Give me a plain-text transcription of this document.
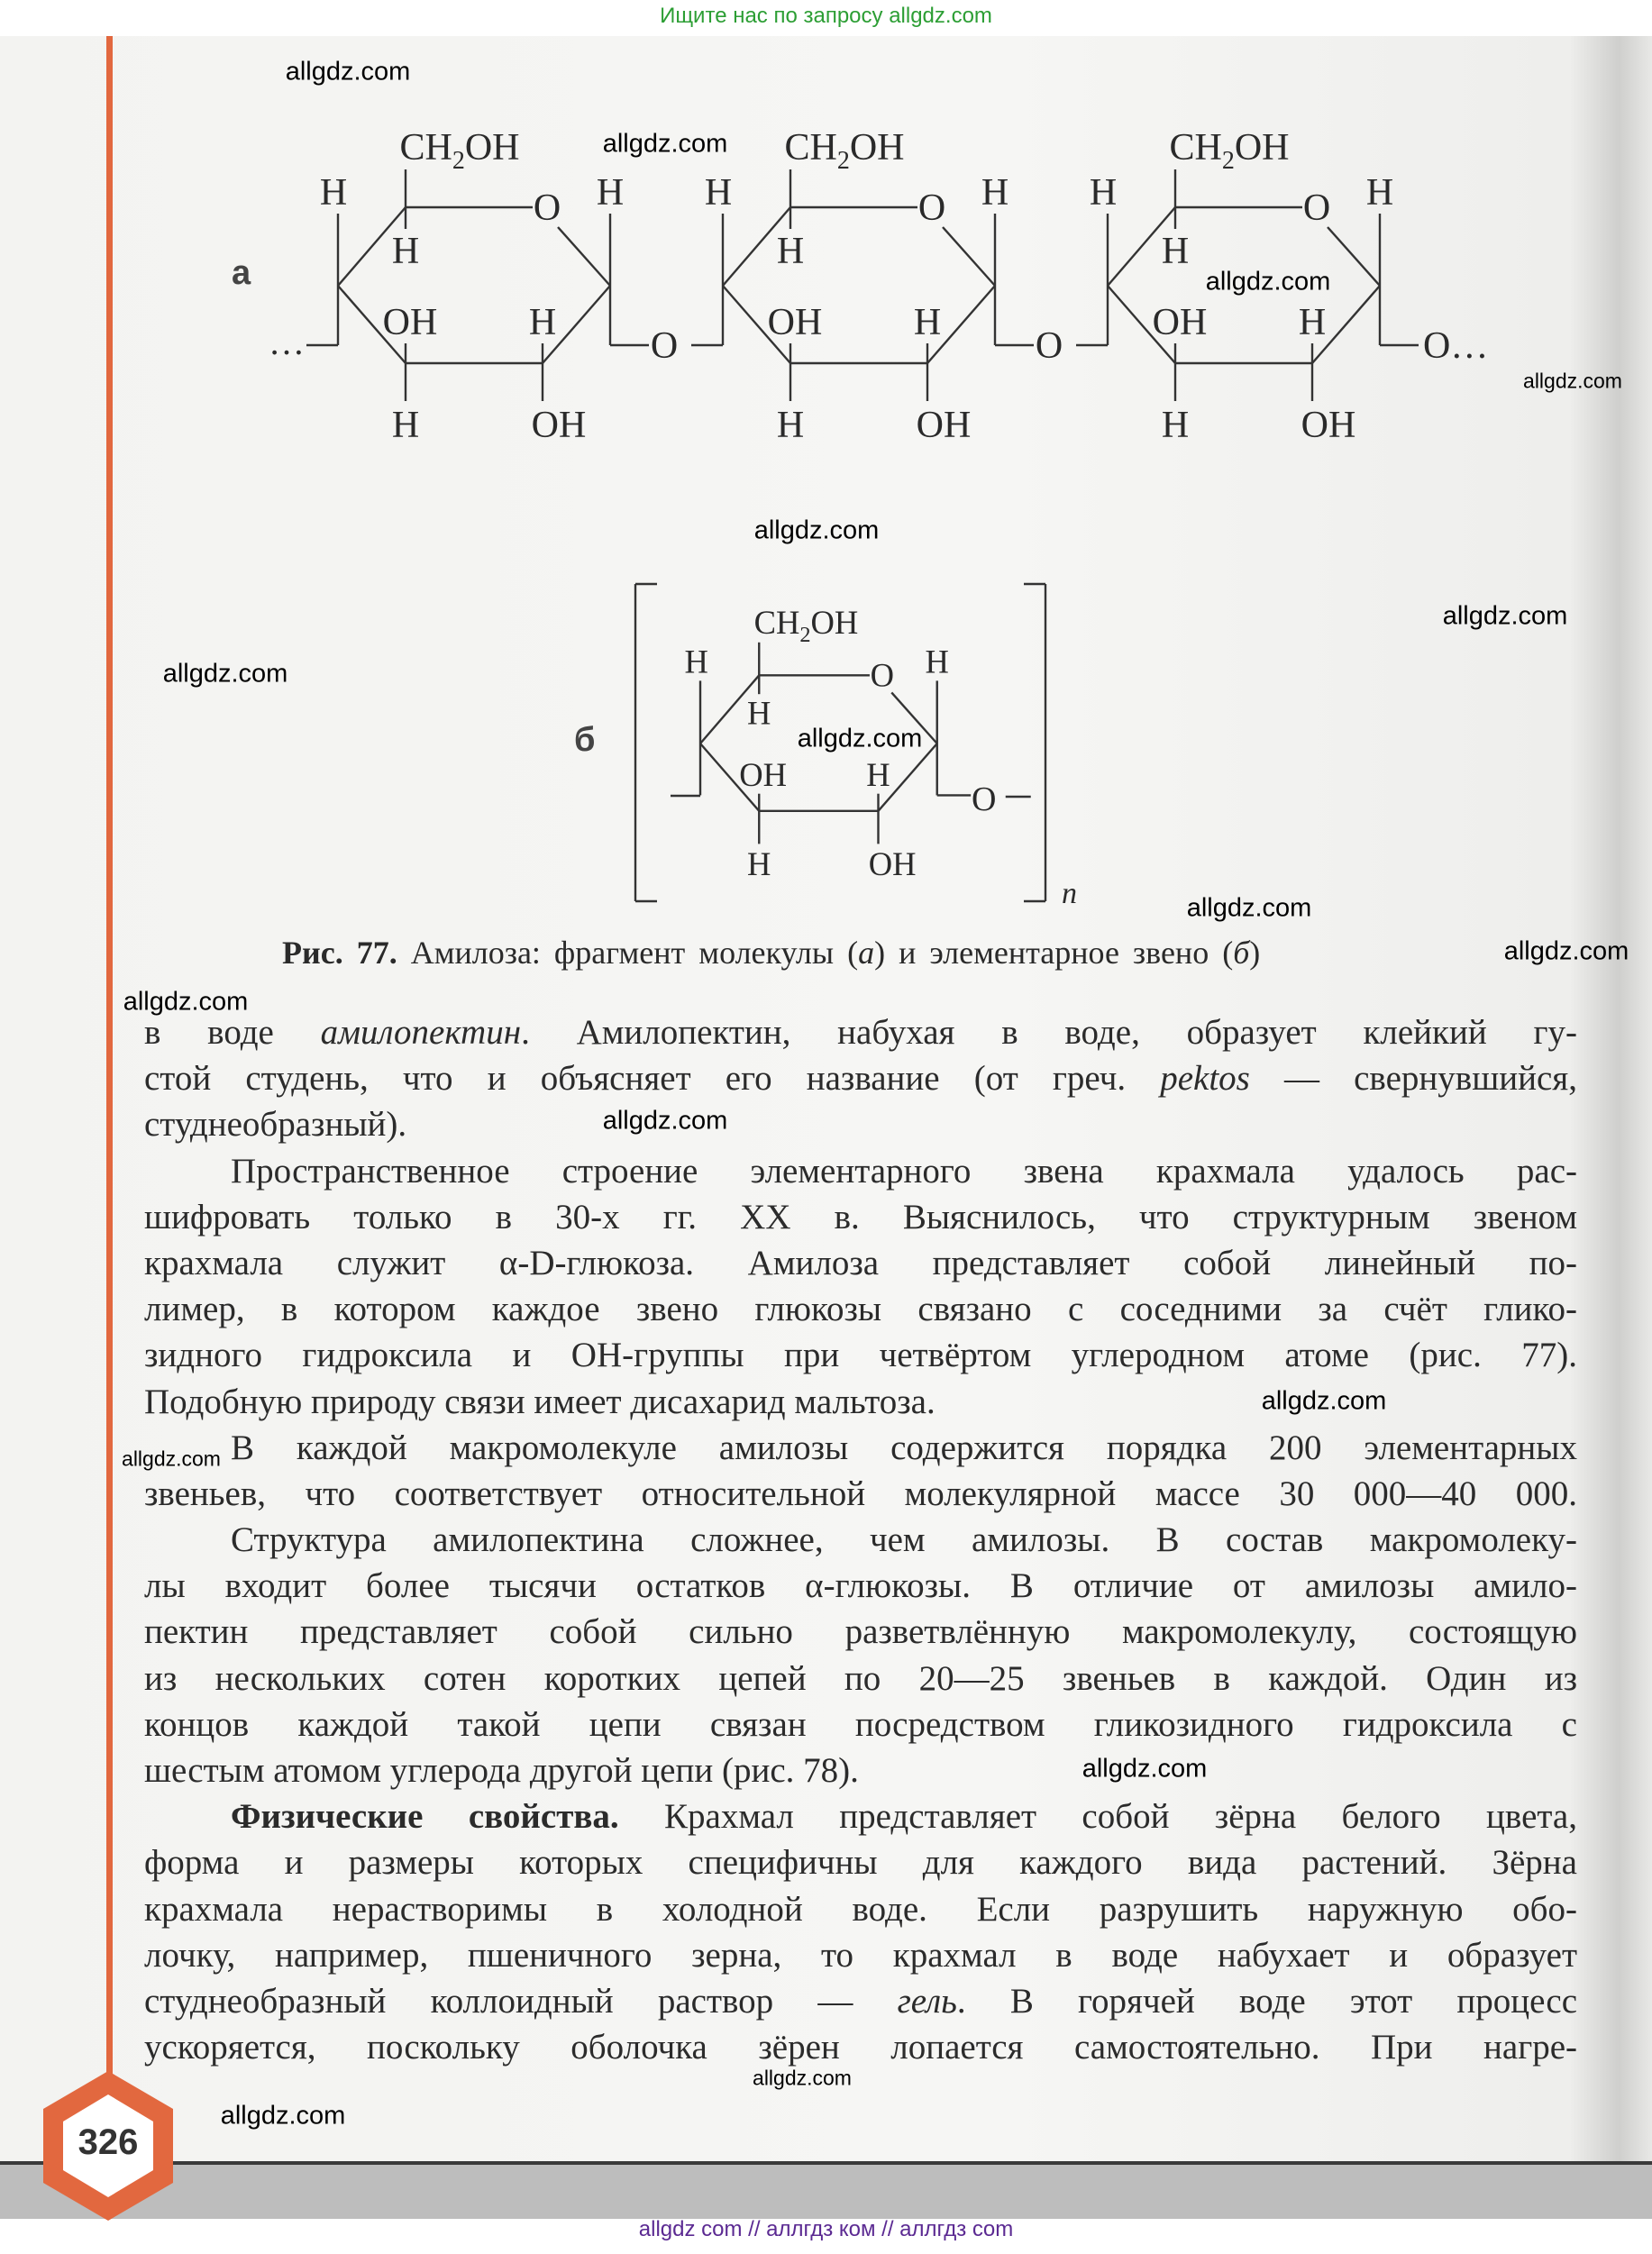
Ищите нас по запросу allgdz.com
O
$CH_2OH$
H
H	H
OH
H
H
OH
…	O
O
$CH_2OH$
H
H	H
OH
H
H
OH
O
O
$CH_2OH$
H
H	H
OH
H
H
OH
O…
O
$CH_2OH$
H
H	H
OH
H
H
OH
O
n
а
б
Рис. 77. Амилоза: фрагмент молекулы (а) и элементарное звено (б)
в воде амилопектин. Амилопектин, набухая в воде, образует клейкий гу-
стой студень, что и объясняет его название (от греч. pektos — свернувшийся,
студнеобразный).
Пространственное строение элементарного звена крахмала удалось рас-
шифровать только в 30-х гг. XX в. Выяснилось, что структурным звеном
крахмала служит α-D-глюкоза. Амилоза представляет собой линейный по-
лимер, в котором каждое звено глюкозы связано с соседними за счёт глико-
зидного гидроксила и ОН-группы при четвёртом углеродном атоме (рис. 77).
Подобную природу связи имеет дисахарид мальтоза.
В каждой макромолекуле амилозы содержится порядка 200 элементарных
звеньев, что соответствует относительной молекулярной массе 30 000—40 000.
Структура амилопектина сложнее, чем амилозы. В состав макромолеку-
лы входит более тысячи остатков α-глюкозы. В отличие от амилозы амило-
пектин представляет собой сильно разветвлённую макромолекулу, состоящую
из нескольких сотен коротких цепей по 20—25 звеньев в каждой. Один из
концов каждой такой цепи связан посредством гликозидного гидроксила с
шестым атомом углерода другой цепи (рис. 78).
Физические свойства. Крахмал представляет собой зёрна белого цвета,
форма и размеры которых специфичны для каждого вида растений. Зёрна
крахмала нерастворимы в холодной воде. Если разрушить наружную обо-
лочку, например, пшеничного зерна, то крахмал в воде набухает и образует
студнеобразный коллоидный раствор — гель. В горячей воде этот процесс
ускоряется, поскольку оболочка зёрен лопается самостоятельно. При нагре-
326
allgdz.com
allgdz.com
allgdz.com
allgdz.com
allgdz.com
allgdz.com
allgdz.com
allgdz.com
allgdz.com
allgdz.com
allgdz.com
allgdz.com
allgdz.com
allgdz.com
allgdz.com
allgdz.com
allgdz.com
allgdz com // аллгдз ком // аллгдз com
